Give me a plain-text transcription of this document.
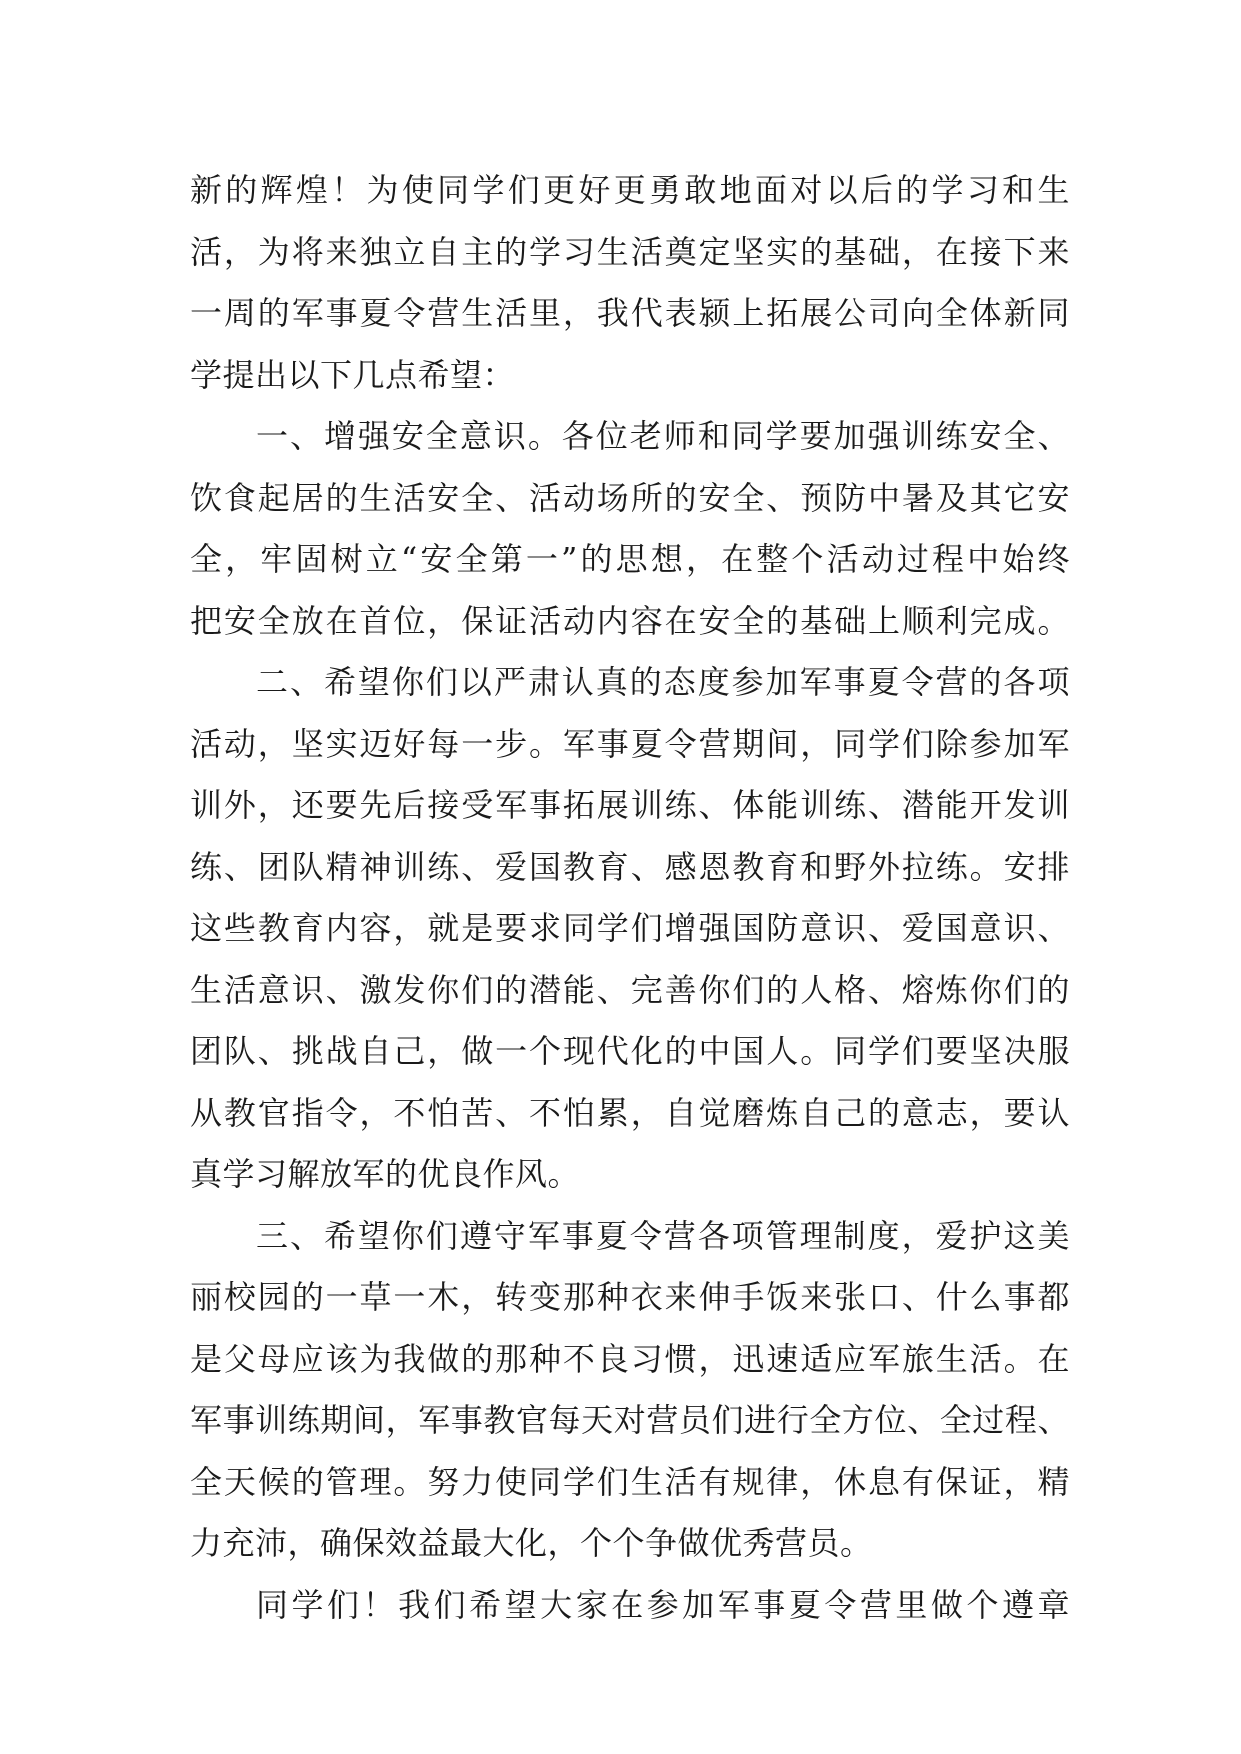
新的辉煌！为使同学们更好更勇敢地面对以后的学习和生
活，为将来独立自主的学习生活奠定坚实的基础，在接下来
一周的军事夏令营生活里，我代表颍上拓展公司向全体新同
学提出以下几点希望：
一、增强安全意识。各位老师和同学要加强训练安全、
饮食起居的生活安全、活动场所的安全、预防中暑及其它安
全，牢固树立“安全第一”的思想，在整个活动过程中始终
把安全放在首位，保证活动内容在安全的基础上顺利完成。
二、希望你们以严肃认真的态度参加军事夏令营的各项
活动，坚实迈好每一步。军事夏令营期间，同学们除参加军
训外，还要先后接受军事拓展训练、体能训练、潜能开发训
练、团队精神训练、爱国教育、感恩教育和野外拉练。安排
这些教育内容，就是要求同学们增强国防意识、爱国意识、
生活意识、激发你们的潜能、完善你们的人格、熔炼你们的
团队、挑战自己，做一个现代化的中国人。同学们要坚决服
从教官指令，不怕苦、不怕累，自觉磨炼自己的意志，要认
真学习解放军的优良作风。
三、希望你们遵守军事夏令营各项管理制度，爱护这美
丽校园的一草一木，转变那种衣来伸手饭来张口、什么事都
是父母应该为我做的那种不良习惯，迅速适应军旅生活。在
军事训练期间，军事教官每天对营员们进行全方位、全过程、
全天候的管理。努力使同学们生活有规律，休息有保证，精
力充沛，确保效益最大化，个个争做优秀营员。
同学们！我们希望大家在参加军事夏令营里做个遵章
